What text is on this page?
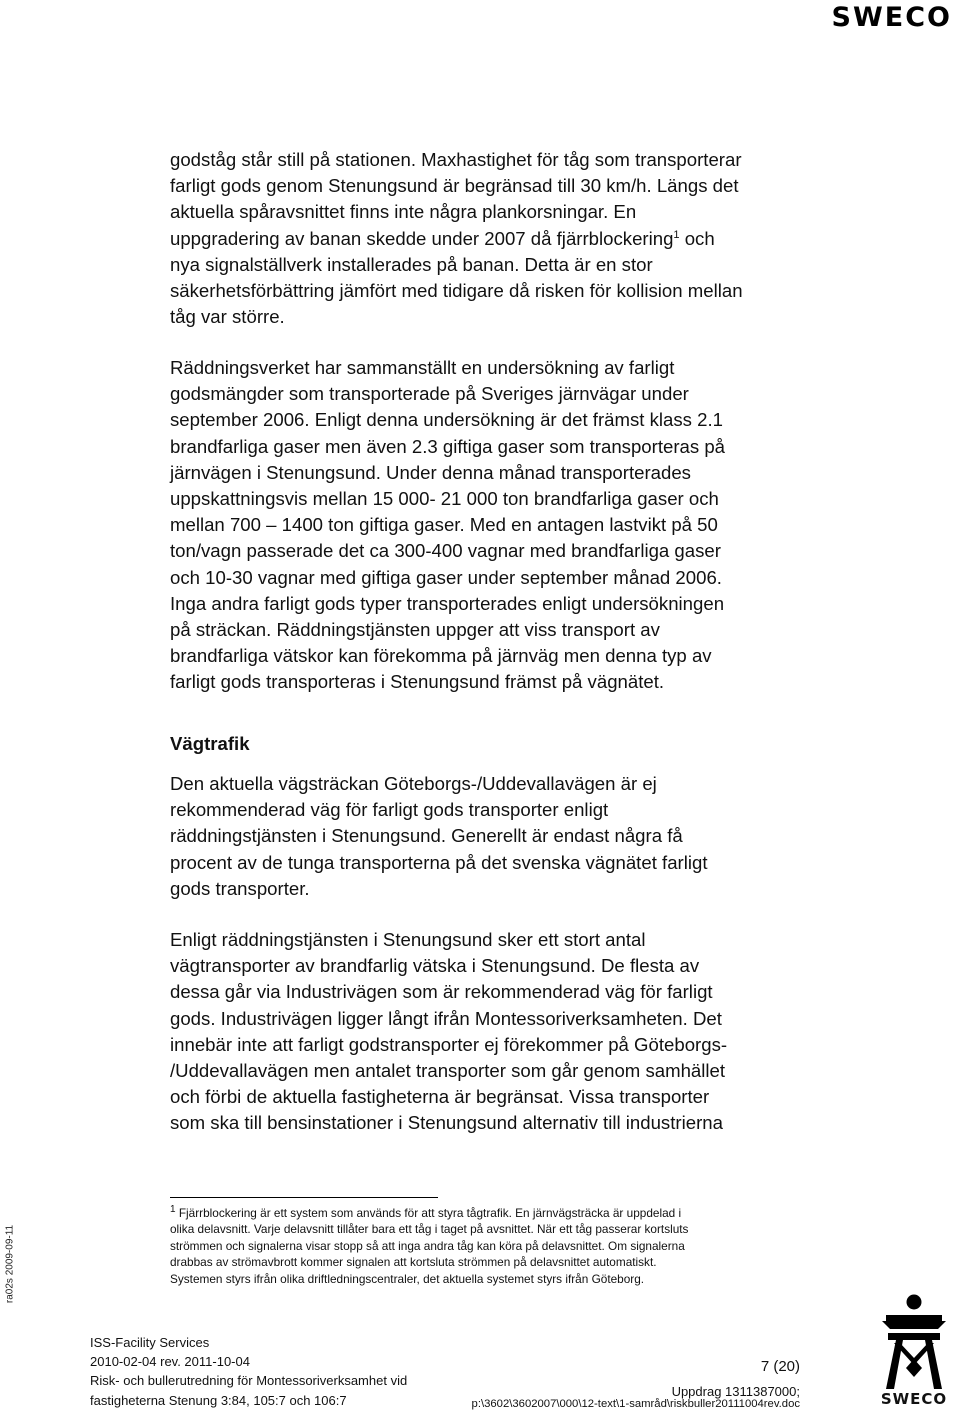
SWECO

godståg står still på stationen. Maxhastighet för tåg som transporterar
farligt gods genom Stenungsund är begränsad till 30 km/h. Längs det
aktuella spåravsnittet finns inte några plankorsningar. En
uppgradering av banan skedde under 2007 då fjärrblockering$^1$ och
nya signalställverk installerades på banan. Detta är en stor
säkerhetsförbättring jämfört med tidigare då risken för kollision mellan
tåg var större.

Räddningsverket har sammanställt en undersökning av farligt
godsmängder som transporterade på Sveriges järnvägar under
september 2006. Enligt denna undersökning är det främst klass 2.1
brandfarliga gaser men även 2.3 giftiga gaser som transporteras på
järnvägen i Stenungsund. Under denna månad transporterades
uppskattningsvis mellan 15 000- 21 000 ton brandfarliga gaser och
mellan 700 – 1400 ton giftiga gaser. Med en antagen lastvikt på 50
ton/vagn passerade det ca 300-400 vagnar med brandfarliga gaser
och 10-30 vagnar med giftiga gaser under september månad 2006.
Inga andra farligt gods typer transporterades enligt undersökningen
på sträckan. Räddningstjänsten uppger att viss transport av
brandfarliga vätskor kan förekomma på järnväg men denna typ av
farligt gods transporteras i Stenungsund främst på vägnätet.

Vägtrafik

Den aktuella vägsträckan Göteborgs-/Uddevallavägen är ej
rekommenderad väg för farligt gods transporter enligt
räddningstjänsten i Stenungsund. Generellt är endast några få
procent av de tunga transporterna på det svenska vägnätet farligt
gods transporter.

Enligt räddningstjänsten i Stenungsund sker ett stort antal
vägtransporter av brandfarlig vätska i Stenungsund. De flesta av
dessa går via Industrivägen som är rekommenderad väg för farligt
gods. Industrivägen ligger långt ifrån Montessoriverksamheten. Det
innebär inte att farligt godstransporter ej förekommer på Göteborgs-
/Uddevallavägen men antalet transporter som går genom samhället
och förbi de aktuella fastigheterna är begränsat. Vissa transporter
som ska till bensinstationer i Stenungsund alternativ till industrierna

$^1$ Fjärrblockering är ett system som används för att styra tågtrafik. En järnvägsträcka är uppdelad i
olika delavsnitt. Varje delavsnitt tillåter bara ett tåg i taget på avsnittet. När ett tåg passerar kortsluts
strömmen och signalerna visar stopp så att inga andra tåg kan köra på delavsnittet. Om signalerna
drabbas av strömavbrott kommer signalen att kortsluta strömmen på delavsnittet automatiskt.
Systemen styrs ifrån olika driftledningscentraler, det aktuella systemet styrs ifrån Göteborg.

ra02s 2009-09-11
ISS-Facility Services
2010-02-04 rev. 2011-10-04
Risk- och bullerutredning för Montessoriverksamhet vid
fastigheterna Stenung 3:84, 105:7 och 106:7
7 (20)
Uppdrag 1311387000;
p:\3602\3602007\000\12-text\1-samråd\riskbuller20111004rev.doc	SWECO
